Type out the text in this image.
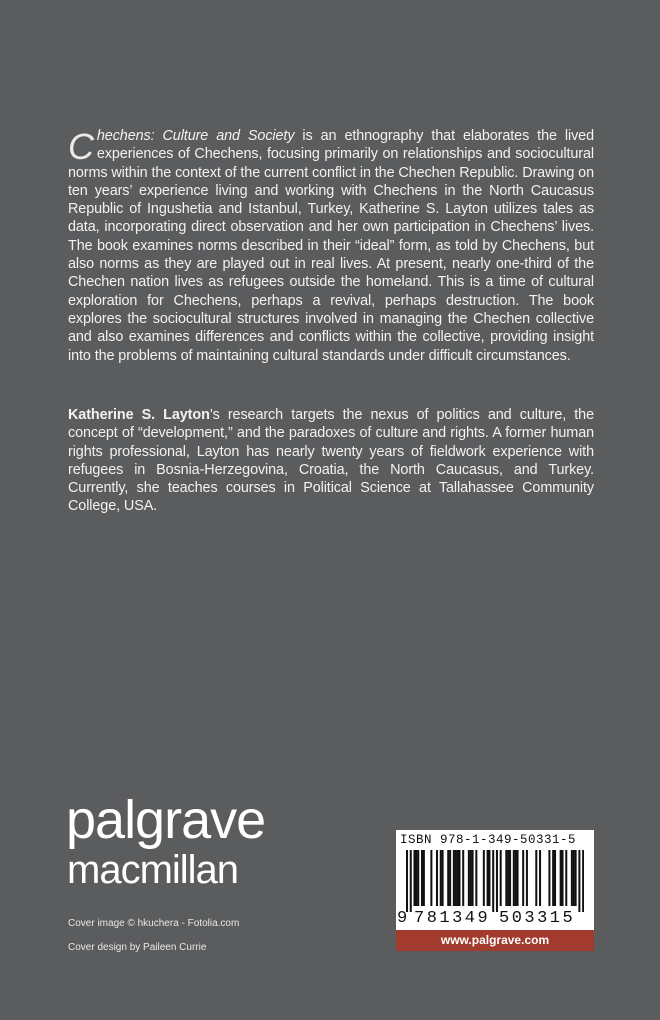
Chechens: Culture and Society is an ethnography that elaborates the lived experiences of Chechens, focusing primarily on relationships and sociocultural norms within the context of the current conflict in the Chechen Republic. Drawing on ten years’ experience living and working with Chechens in the North Caucasus Republic of Ingushetia and Istanbul, Turkey, Katherine S. Layton utilizes tales as data, incorporating direct observation and her own participation in Chechens’ lives. The book examines norms described in their “ideal” form, as told by Chechens, but also norms as they are played out in real lives. At present, nearly one-third of the Chechen nation lives as refugees outside the homeland. This is a time of cultural exploration for Chechens, perhaps a revival, perhaps destruction. The book explores the sociocultural structures involved in managing the Chechen collective and also examines differences and conflicts within the collective, providing insight into the problems of maintaining cultural standards under difficult circumstances.

Katherine S. Layton’s research targets the nexus of politics and culture, the concept of “development,” and the paradoxes of culture and rights. A former human rights professional, Layton has nearly twenty years of fieldwork experience with refugees in Bosnia-Herzegovina, Croatia, the North Caucasus, and Turkey. Currently, she teaches courses in Political Science at Tallahassee Community College, USA.

palgrave
macmillan
Cover image © hkuchera - Fotolia.com
Cover design by Paileen Currie
ISBN 978-1-349-50331-5
9 781349 503315
www.palgrave.com
